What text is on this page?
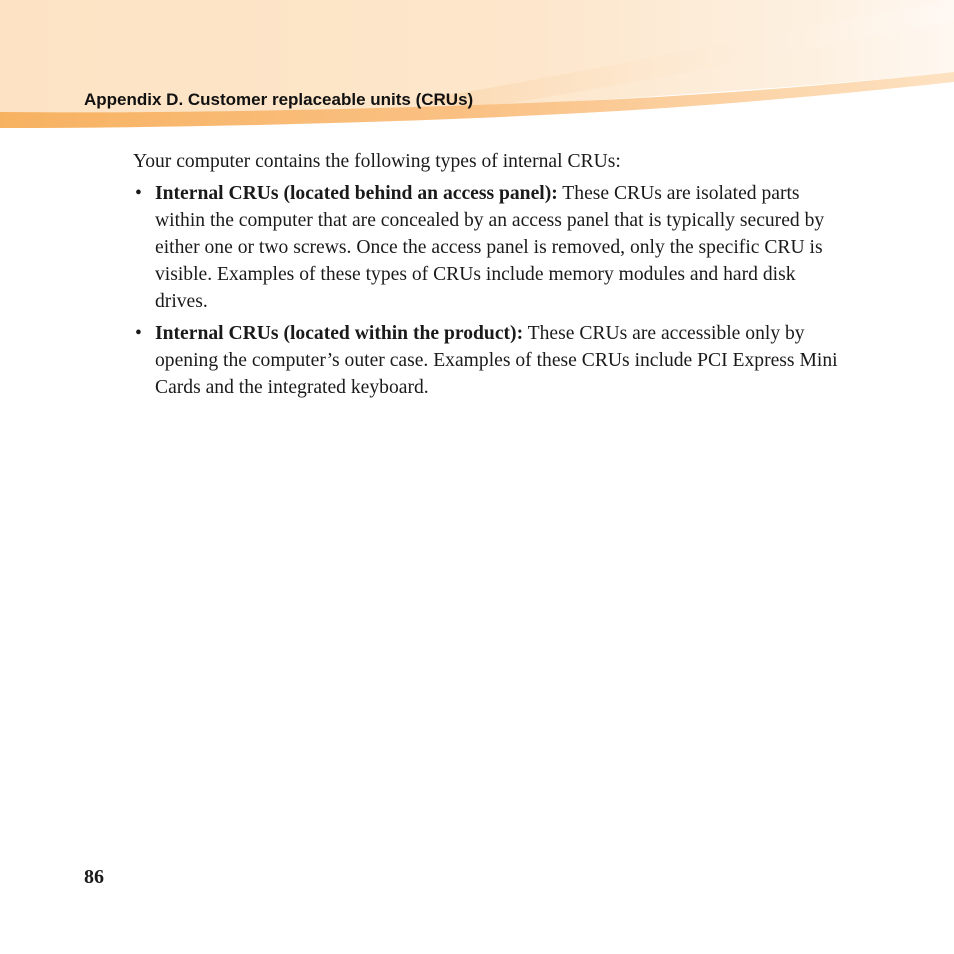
Appendix D. Customer replaceable units (CRUs)

Your computer contains the following types of internal CRUs:

• Internal CRUs (located behind an access panel): These CRUs are isolated parts within the computer that are concealed by an access panel that is typically secured by either one or two screws. Once the access panel is removed, only the specific CRU is visible. Examples of these types of CRUs include memory modules and hard disk drives.
• Internal CRUs (located within the product): These CRUs are accessible only by opening the computer’s outer case. Examples of these CRUs include PCI Express Mini Cards and the integrated keyboard.
86
